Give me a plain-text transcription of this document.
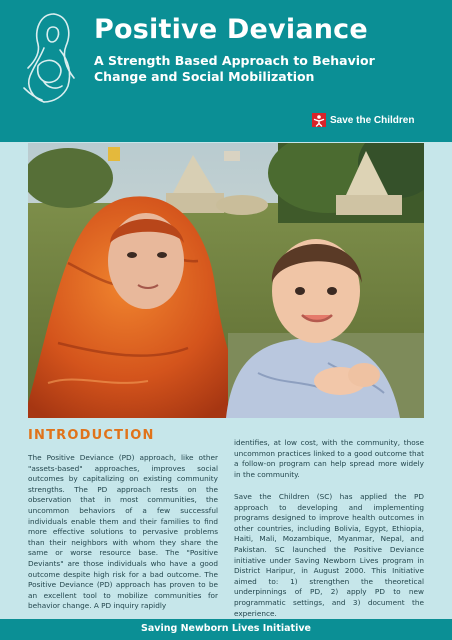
Positive Deviance
A Strength Based Approach to Behavior Change and Social Mobilization
Save the Children
INTRODUCTION

The Positive Deviance (PD) approach, like other "assets-based" approaches, improves social outcomes by capitalizing on existing community strengths. The PD approach rests on the observation that in most communities, the uncommon behaviors of a few successful individuals enable them and their families to find more effective solutions to pervasive problems than their neighbors with whom they share the same or worse resource base. The "Positive Deviants" are those individuals who have a good outcome despite high risk for a bad outcome. The Positive Deviance (PD) approach has proven to be an excellent tool to mobilize communities for behavior change. A PD inquiry rapidly

identifies, at low cost, with the community, those uncommon practices linked to a good outcome that a follow-on program can help spread more widely in the community.

Save the Children (SC) has applied the PD approach to developing and implementing programs designed to improve health outcomes in other countries, including Bolivia, Egypt, Ethiopia, Haiti, Mali, Mozambique, Myanmar, Nepal, and Pakistan. SC launched the Positive Deviance initiative under Saving Newborn Lives program in District Haripur, in August 2000. This Initiative aimed to: 1) strengthen the theoretical underpinnings of PD, 2) apply PD to new programmatic settings, and 3) document the experience.

Saving Newborn Lives Initiative
